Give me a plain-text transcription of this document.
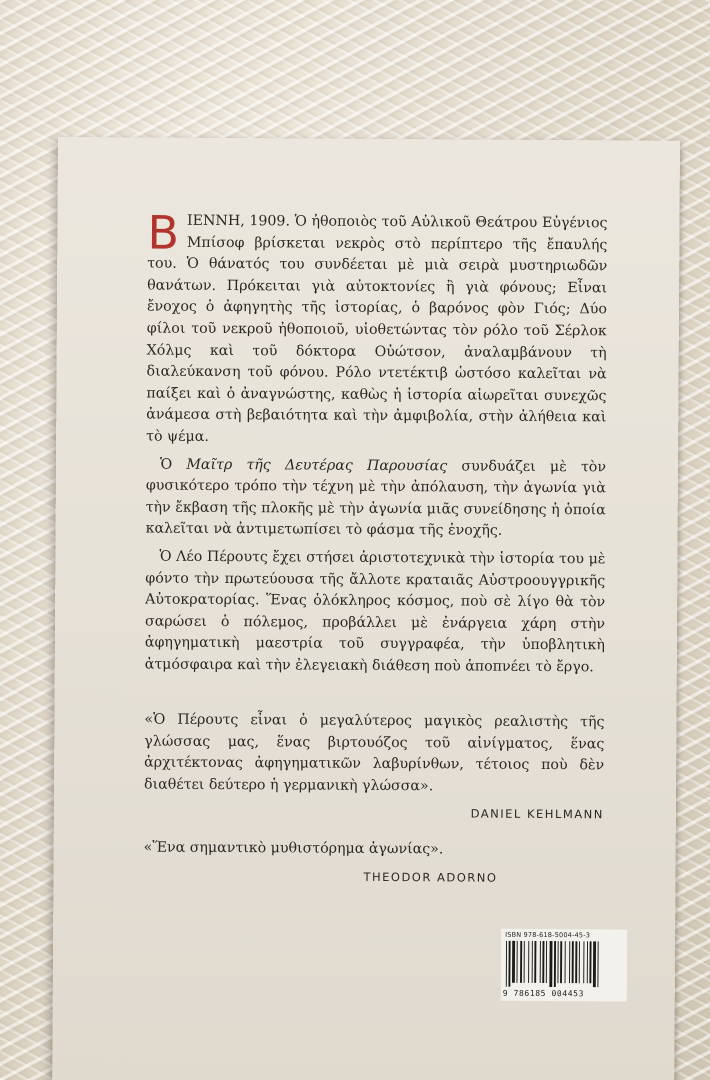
ΒΙΕΝΝΗ, 1909. Ὁ ἠθοποιὸς τοῦ Αὐλικοῦ Θεάτρου Εὐγένιος Μπίσοφ βρίσκεται νεκρὸς στὸ περίπτερο τῆς ἔπαυλής του. Ὁ θάνατός του συνδέεται μὲ μιὰ σειρὰ μυστηριωδῶν θανάτων. Πρόκειται γιὰ αὐτοκτονίες ἢ γιὰ φόνους; Εἶναι ἔνοχος ὁ ἀφηγητὴς τῆς ἱστορίας, ὁ βαρόνος φὸν Γιός; Δύο φίλοι τοῦ νεκροῦ ἠθοποιοῦ, υἱοθετώντας τὸν ρόλο τοῦ Σέρλοκ Χόλμς καὶ τοῦ δόκτορα Οὐώτσον, ἀναλαμβάνουν τὴ διαλεύκανση τοῦ φόνου. Ρόλο ντετέκτιβ ὡστόσο καλεῖται νὰ παίξει καὶ ὁ ἀναγνώστης, καθὼς ἡ ἱστορία αἰωρεῖται συνεχῶς ἀνάμεσα στὴ βεβαιότητα καὶ τὴν ἀμφιβολία, στὴν ἀλήθεια καὶ τὸ ψέμα.

Ὁ Μαῖτρ τῆς Δευτέρας Παρουσίας συνδυάζει μὲ τὸν φυσικότερο τρόπο τὴν τέχνη μὲ τὴν ἀπόλαυση, τὴν ἀγωνία γιὰ τὴν ἔκβαση τῆς πλοκῆς μὲ τὴν ἀγωνία μιᾶς συνείδησης ἡ ὁποία καλεῖται νὰ ἀντιμετωπίσει τὸ φάσμα τῆς ἐνοχῆς.

Ὁ Λέο Πέρουτς ἔχει στήσει ἀριστοτεχνικὰ τὴν ἱστορία του μὲ φόντο τὴν πρωτεύουσα τῆς ἄλλοτε κραταιᾶς Αὐστροουγγρικῆς Αὐτοκρατορίας. Ἕνας ὁλόκληρος κόσμος, ποὺ σὲ λίγο θὰ τὸν σαρώσει ὁ πόλεμος, προβάλλει μὲ ἐνάργεια χάρη στὴν ἀφηγηματικὴ μαεστρία τοῦ συγγραφέα, τὴν ὑποβλητικὴ ἀτμόσφαιρα καὶ τὴν ἐλεγειακὴ διάθεση ποὺ ἀποπνέει τὸ ἔργο.

«Ὁ Πέρουτς εἶναι ὁ μεγαλύτερος μαγικὸς ρεαλιστὴς τῆς γλώσσας μας, ἕνας βιρτουόζος τοῦ αἰνίγματος, ἕνας ἀρχιτέκτονας ἀφηγηματικῶν λαβυρίνθων, τέτοιος ποὺ δὲν διαθέτει δεύτερο ἡ γερμανικὴ γλώσσα».

DANIEL KEHLMANN

«Ἕνα σημαντικὸ μυθιστόρημα ἀγωνίας».

THEODOR ADORNO
ISBN 978-618-5004-45-3
9 786185 004453
